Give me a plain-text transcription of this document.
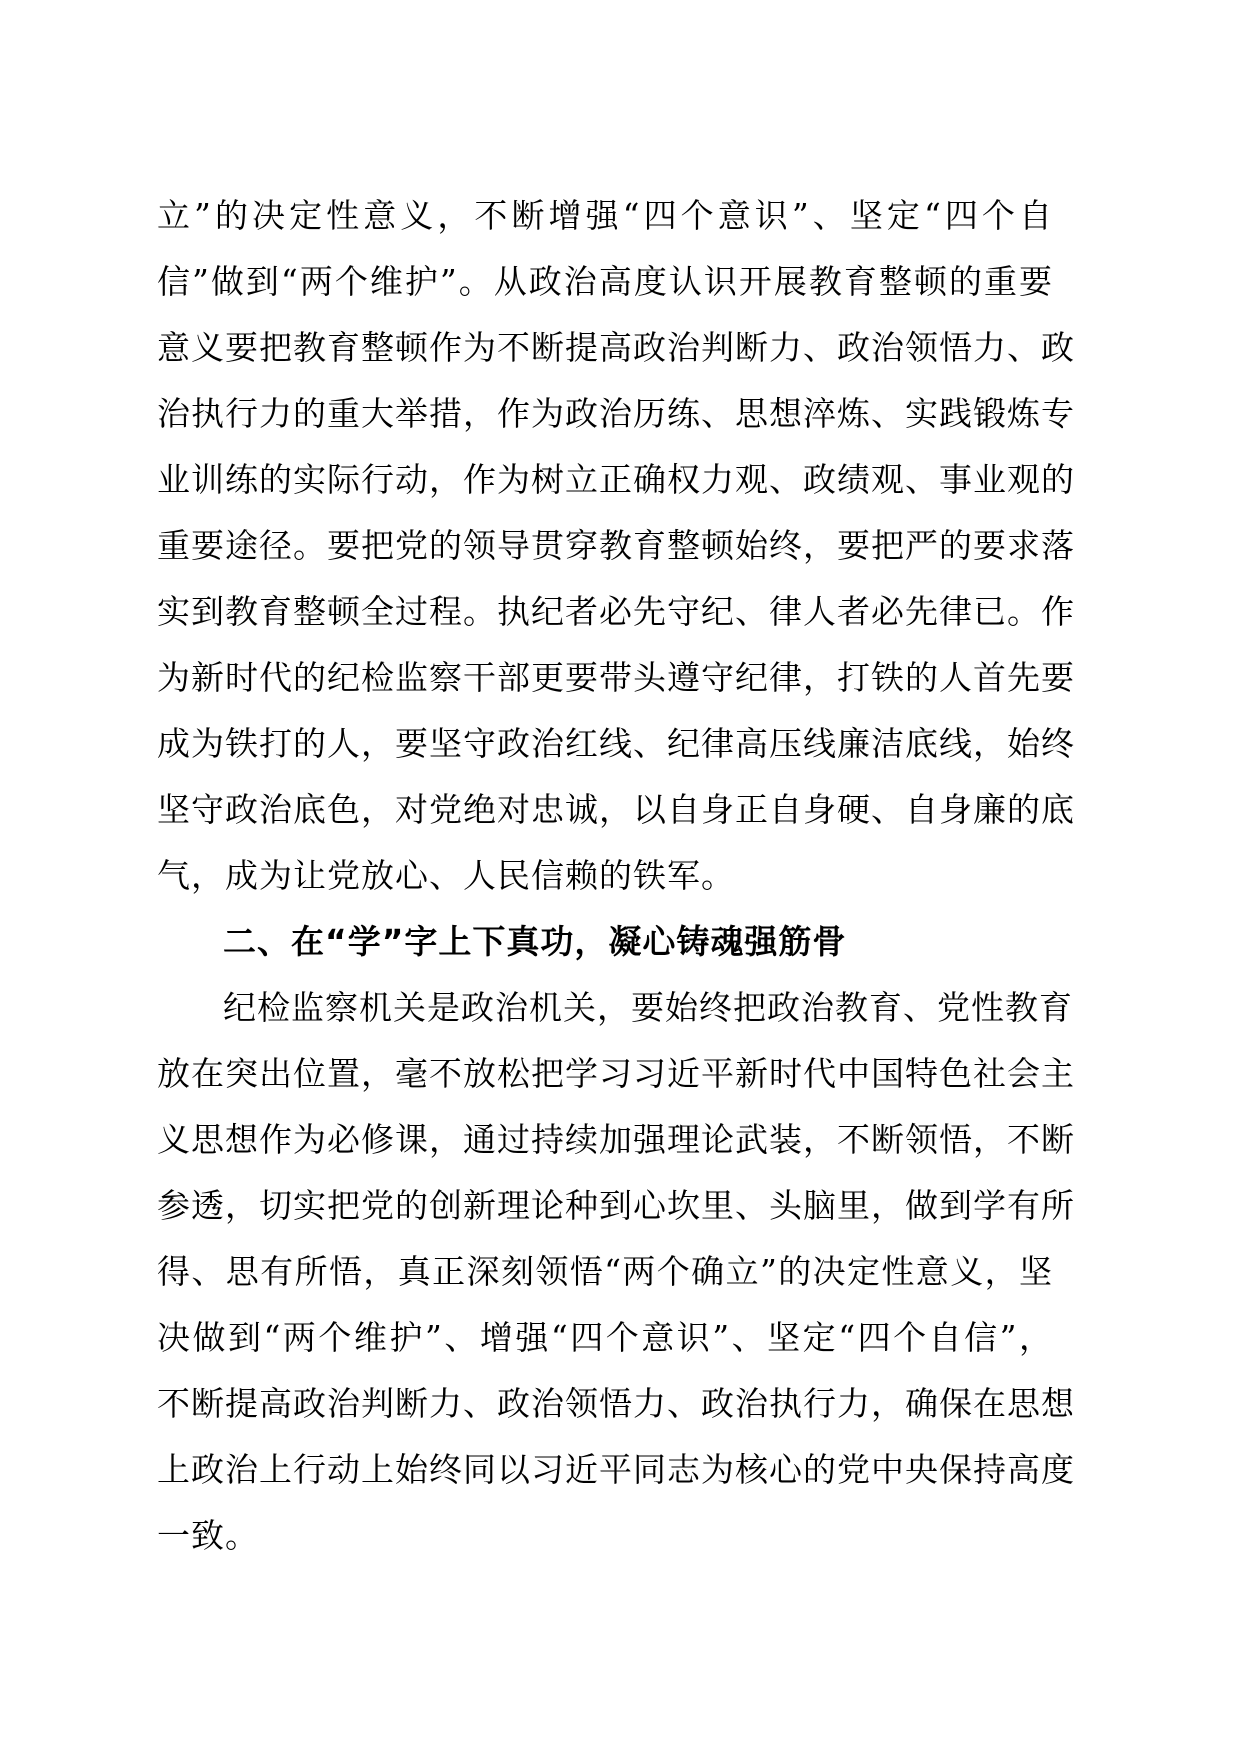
立”的决定性意义，不断增强“四个意识”、坚定“四个自
信”做到“两个维护”。从政治高度认识开展教育整顿的重要
意义要把教育整顿作为不断提高政治判断力、政治领悟力、政
治执行力的重大举措，作为政治历练、思想淬炼、实践锻炼专
业训练的实际行动，作为树立正确权力观、政绩观、事业观的
重要途径。要把党的领导贯穿教育整顿始终，要把严的要求落
实到教育整顿全过程。执纪者必先守纪、律人者必先律已。作
为新时代的纪检监察干部更要带头遵守纪律，打铁的人首先要
成为铁打的人，要坚守政治红线、纪律高压线廉洁底线，始终
坚守政治底色，对党绝对忠诚，以自身正自身硬、自身廉的底
气，成为让党放心、人民信赖的铁军。
二、在“学”字上下真功，凝心铸魂强筋骨
纪检监察机关是政治机关，要始终把政治教育、党性教育
放在突出位置，毫不放松把学习习近平新时代中国特色社会主
义思想作为必修课，通过持续加强理论武装，不断领悟，不断
参透，切实把党的创新理论种到心坎里、头脑里，做到学有所
得、思有所悟，真正深刻领悟“两个确立”的决定性意义，坚
决做到“两个维护”、增强“四个意识”、坚定“四个自信”，
不断提高政治判断力、政治领悟力、政治执行力，确保在思想
上政治上行动上始终同以习近平同志为核心的党中央保持高度
一致。
